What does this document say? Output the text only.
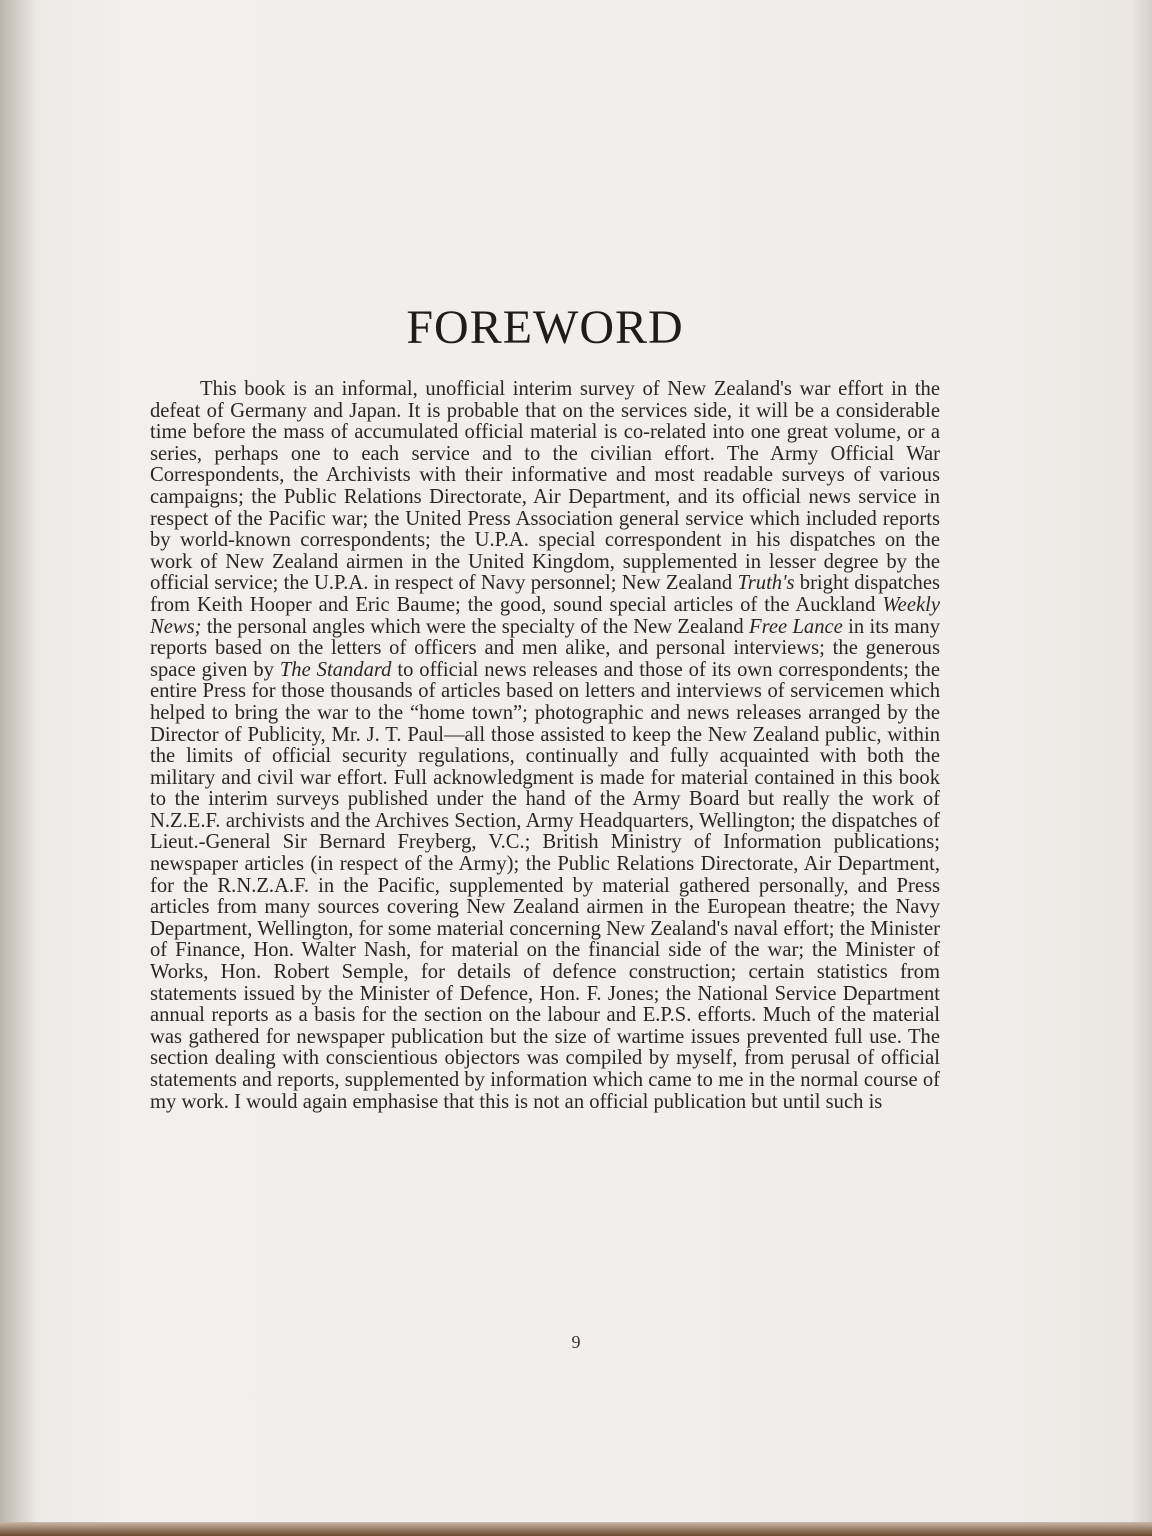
FOREWORD

This book is an informal, unofficial interim survey of New Zealand's war effort in the defeat of Germany and Japan. It is probable that on the services side, it will be a considerable time before the mass of accumulated official material is co-related into one great volume, or a series, perhaps one to each service and to the civilian effort. The Army Official War Correspondents, the Archivists with their informative and most readable surveys of various campaigns; the Public Relations Directorate, Air Department, and its official news service in respect of the Pacific war; the United Press Association general service which included reports by world-known correspondents; the U.P.A. special correspondent in his dispatches on the work of New Zealand airmen in the United Kingdom, supplemented in lesser degree by the official service; the U.P.A. in respect of Navy personnel; New Zealand Truth's bright dispatches from Keith Hooper and Eric Baume; the good, sound special articles of the Auckland Weekly News; the personal angles which were the specialty of the New Zealand Free Lance in its many reports based on the letters of officers and men alike, and personal interviews; the generous space given by The Standard to official news releases and those of its own correspondents; the entire Press for those thousands of articles based on letters and interviews of servicemen which helped to bring the war to the “home town”; photographic and news releases arranged by the Director of Publicity, Mr. J. T. Paul—all those assisted to keep the New Zealand public, within the limits of official security regulations, continually and fully acquainted with both the military and civil war effort. Full acknowledgment is made for material contained in this book to the interim surveys published under the hand of the Army Board but really the work of N.Z.E.F. archivists and the Archives Section, Army Headquarters, Wellington; the dispatches of Lieut.-General Sir Bernard Freyberg, V.C.; British Ministry of Information publications; newspaper articles (in respect of the Army); the Public Relations Directorate, Air Department, for the R.N.Z.A.F. in the Pacific, supplemented by material gathered personally, and Press articles from many sources covering New Zealand airmen in the European theatre; the Navy Department, Wellington, for some material concerning New Zealand's naval effort; the Minister of Finance, Hon. Walter Nash, for material on the financial side of the war; the Minister of Works, Hon. Robert Semple, for details of defence construction; certain statistics from statements issued by the Minister of Defence, Hon. F. Jones; the National Service Department annual reports as a basis for the section on the labour and E.P.S. efforts. Much of the material was gathered for newspaper publication but the size of wartime issues prevented full use. The section dealing with conscientious objectors was compiled by myself, from perusal of official statements and reports, supplemented by information which came to me in the normal course of my work. I would again emphasise that this is not an official publication but until such is

9
